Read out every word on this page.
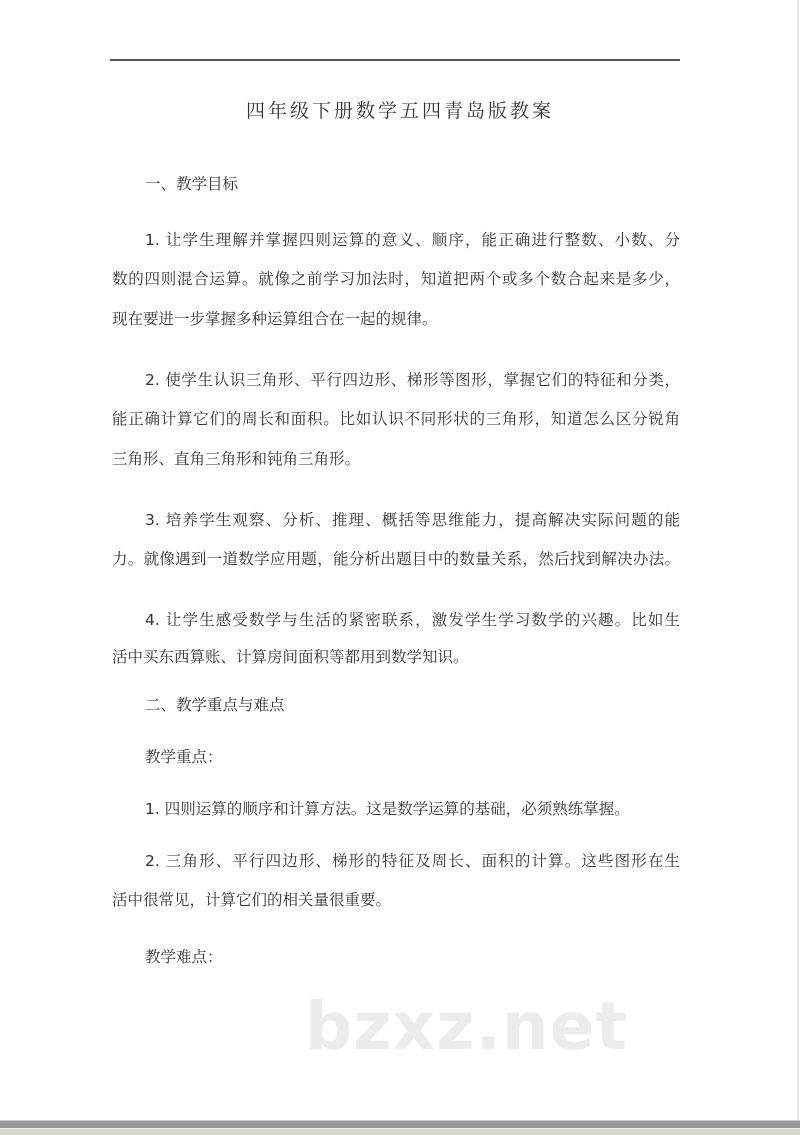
四年级下册数学五四青岛版教案
一、教学目标
1. 让学生理解并掌握四则运算的意义、顺序，能正确进行整数、小数、分
数的四则混合运算。就像之前学习加法时，知道把两个或多个数合起来是多少，
现在要进一步掌握多种运算组合在一起的规律。
2. 使学生认识三角形、平行四边形、梯形等图形，掌握它们的特征和分类，
能正确计算它们的周长和面积。比如认识不同形状的三角形，知道怎么区分锐角
三角形、直角三角形和钝角三角形。
3. 培养学生观察、分析、推理、概括等思维能力，提高解决实际问题的能
力。就像遇到一道数学应用题，能分析出题目中的数量关系，然后找到解决办法。
4. 让学生感受数学与生活的紧密联系，激发学生学习数学的兴趣。比如生
活中买东西算账、计算房间面积等都用到数学知识。
二、教学重点与难点
教学重点：
1. 四则运算的顺序和计算方法。这是数学运算的基础，必须熟练掌握。
2. 三角形、平行四边形、梯形的特征及周长、面积的计算。这些图形在生
活中很常见，计算它们的相关量很重要。
教学难点：
bzxz.net
